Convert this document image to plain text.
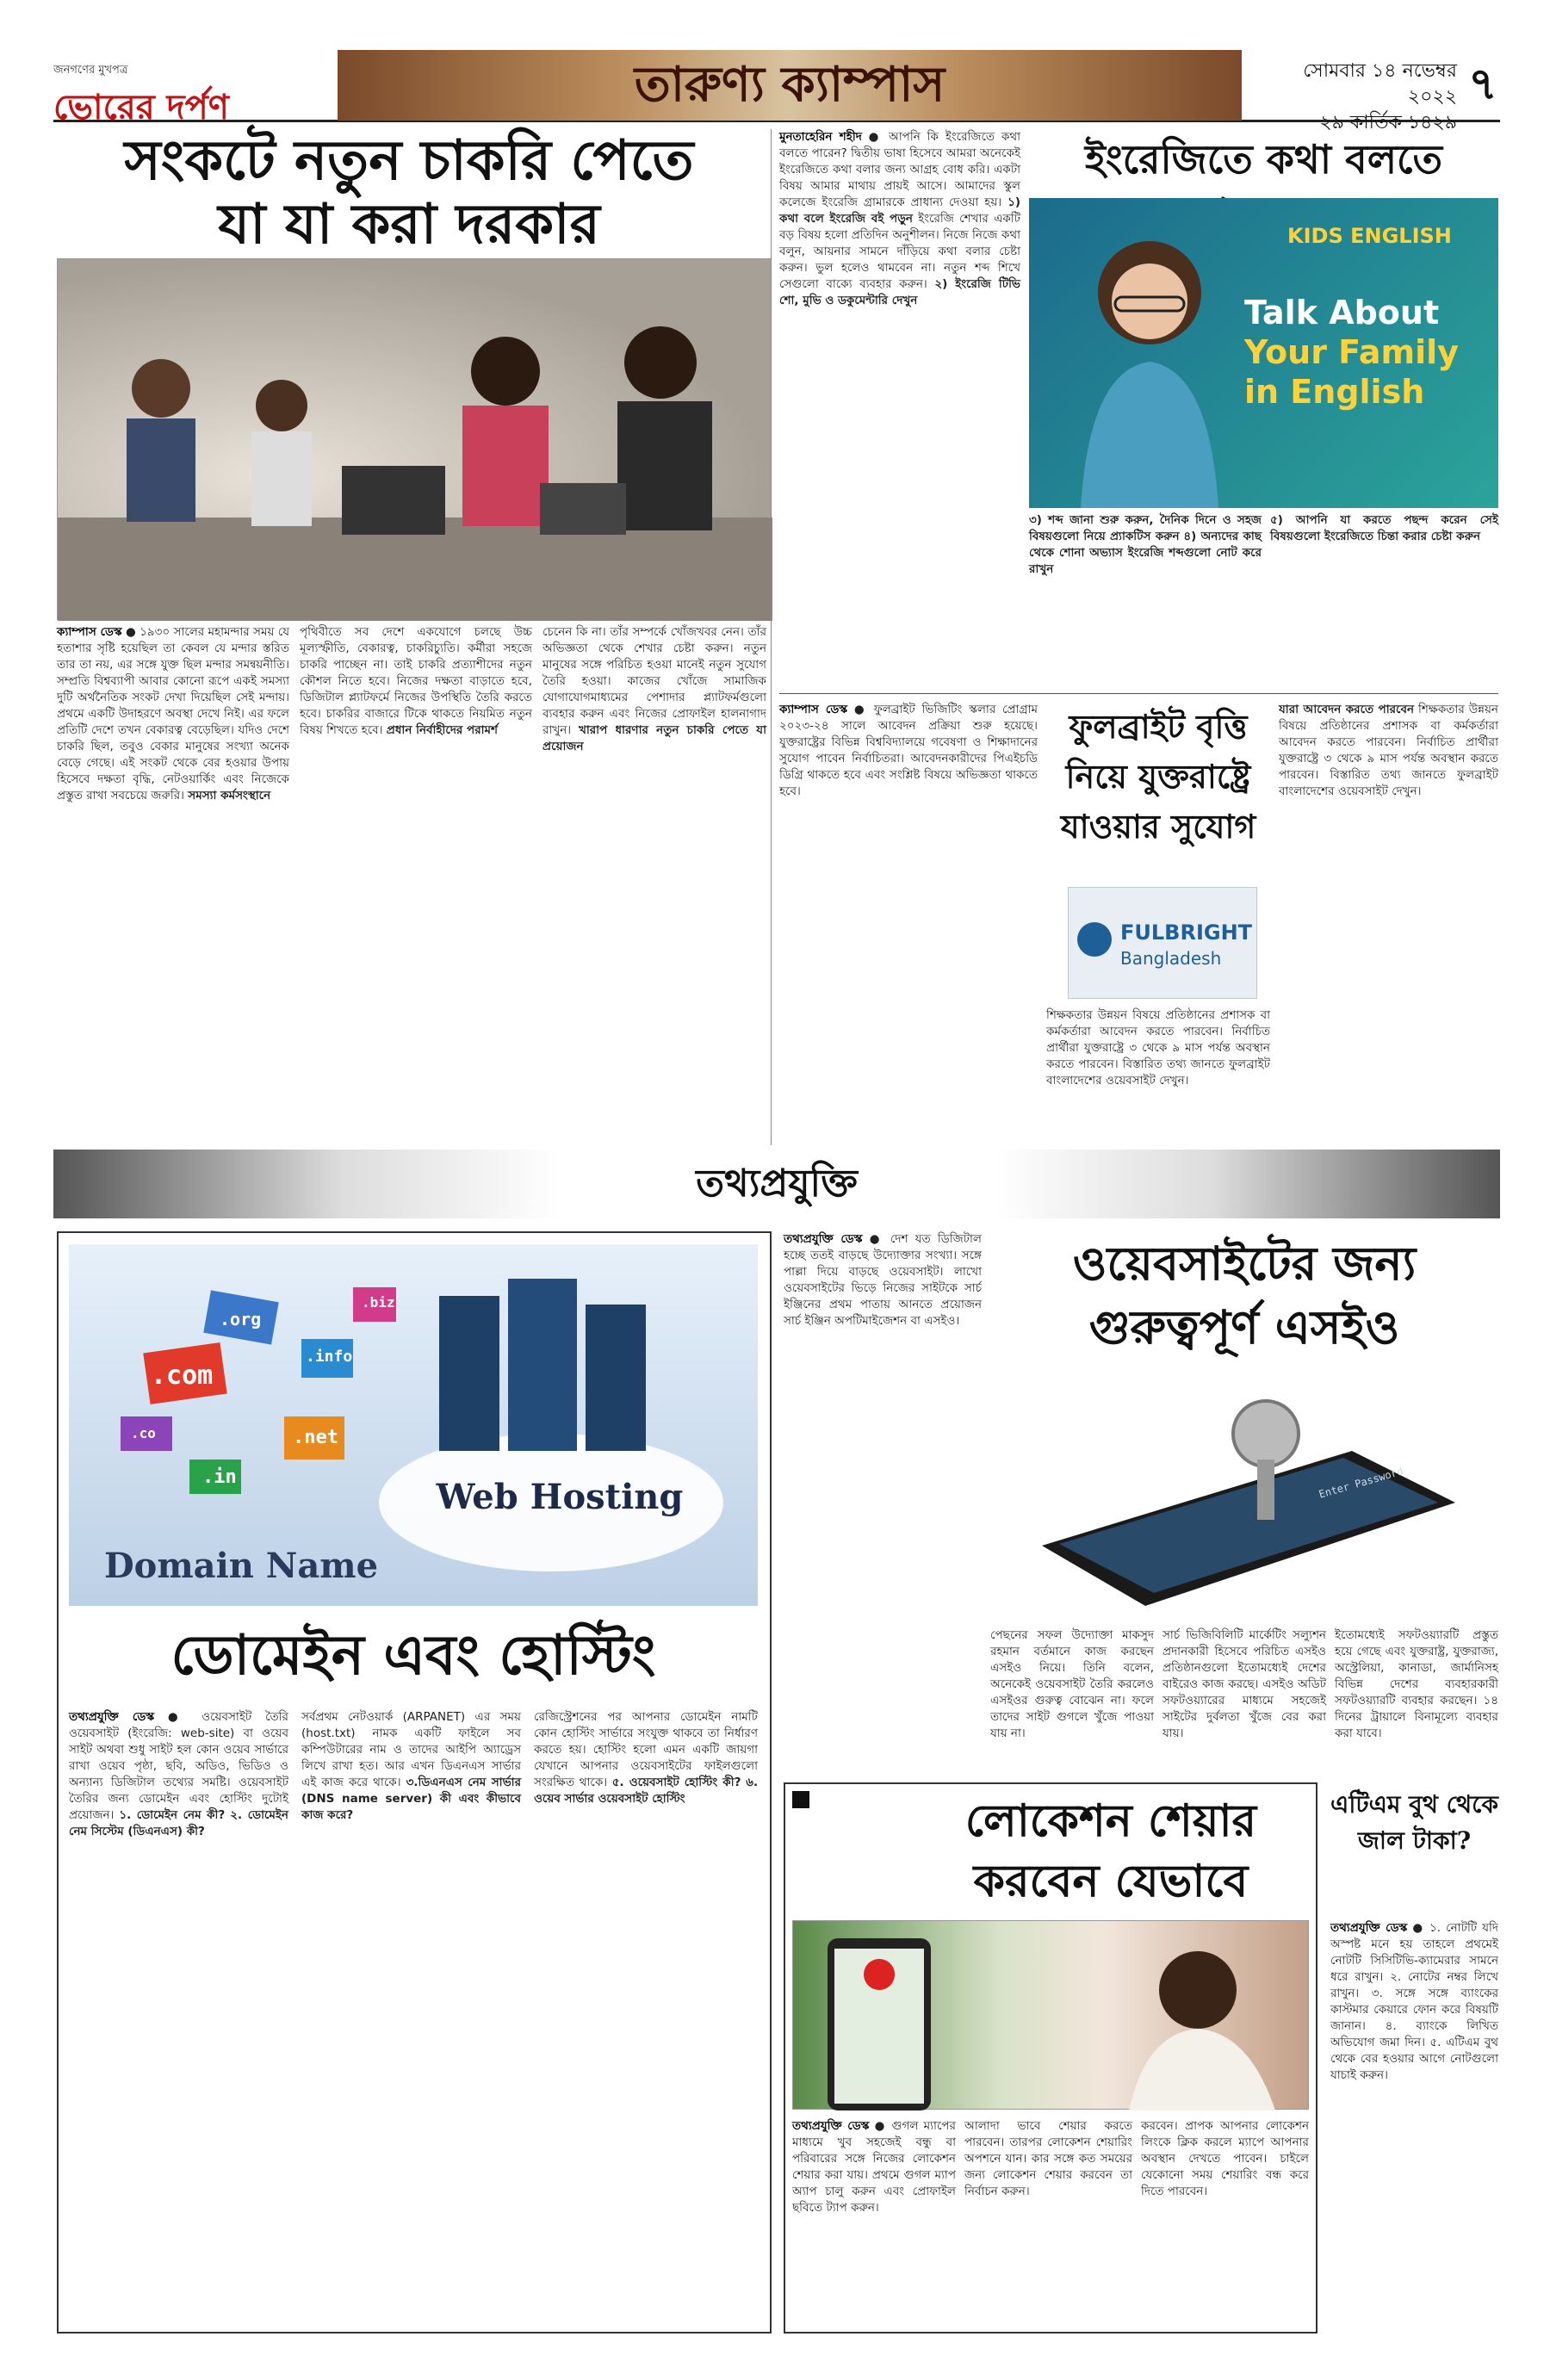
জনগণের মুখপত্র
ভোরের দর্পণ	তারুণ্য ক্যাম্পাস	সোমবার ১৪ নভেম্বর ২০২২
২৯ কার্তিক ১৪২৯
৭
সংকটে নতুন চাকরি পেতে
যা যা করা দরকার
ক্যাম্পাস ডেস্ক ● ১৯৩০ সালের মহামন্দার সময় যে হতাশার সৃষ্টি হয়েছিল তা কেবল যে মন্দার স্তরিত তার তা নয়, এর সঙ্গে যুক্ত ছিল মন্দার সমন্বয়নীতি। সম্প্রতি বিশ্বব্যাপী আবার কোনো রূপে একই সমস্যা দুটি অর্থনৈতিক সংকট দেখা দিয়েছিল সেই মন্দায়। প্রথমে একটি উদাহরণে অবস্থা দেখে নিই। এর ফলে প্রতিটি দেশে তখন বেকারত্ব বেড়েছিল। যদিও দেশে চাকরি ছিল, তবুও বেকার মানুষের সংখ্যা অনেক বেড়ে গেছে। এই সংকট থেকে বের হওয়ার উপায় হিসেবে দক্ষতা বৃদ্ধি, নেটওয়ার্কিং এবং নিজেকে প্রস্তুত রাখা সবচেয়ে জরুরি। সমস্যা কর্মসংস্থানে
পৃথিবীতে সব দেশে একযোগে চলছে উচ্চ মূল্যস্ফীতি, বেকারত্ব, চাকরিচ্যুতি। কর্মীরা সহজে চাকরি পাচ্ছেন না। তাই চাকরি প্রত্যাশীদের নতুন কৌশল নিতে হবে। নিজের দক্ষতা বাড়াতে হবে, ডিজিটাল প্ল্যাটফর্মে নিজের উপস্থিতি তৈরি করতে হবে। চাকরির বাজারে টিকে থাকতে নিয়মিত নতুন বিষয় শিখতে হবে। প্রধান নির্বাহীদের পরামর্শ
চেনেন কি না। তাঁর সম্পর্কে খোঁজখবর নেন। তাঁর অভিজ্ঞতা থেকে শেখার চেষ্টা করুন। নতুন মানুষের সঙ্গে পরিচিত হওয়া মানেই নতুন সুযোগ তৈরি হওয়া। কাজের খোঁজে সামাজিক যোগাযোগমাধ্যমের পেশাদার প্ল্যাটফর্মগুলো ব্যবহার করুন এবং নিজের প্রোফাইল হালনাগাদ রাখুন। খারাপ ধারণার নতুন চাকরি পেতে যা প্রয়োজন
মুনতাহেরিন শহীদ ● আপনি কি ইংরেজিতে কথা বলতে পারেন? দ্বিতীয় ভাষা হিসেবে আমরা অনেকেই ইংরেজিতে কথা বলার জন্য আগ্রহ বোধ করি। একটা বিষয় আমার মাথায় প্রায়ই আসে। আমাদের স্কুল কলেজে ইংরেজি গ্রামারকে প্রাধান্য দেওয়া হয়। ১) কথা বলে ইংরেজি বই পড়ুন ইংরেজি শেখার একটি বড় বিষয় হলো প্রতিদিন অনুশীলন। নিজে নিজে কথা বলুন, আয়নার সামনে দাঁড়িয়ে কথা বলার চেষ্টা করুন। ভুল হলেও থামবেন না। নতুন শব্দ শিখে সেগুলো বাক্যে ব্যবহার করুন। ২) ইংরেজি টিভি শো, মুভি ও ডকুমেন্টারি দেখুন
ইংরেজিতে কথা বলতে
KIDS ENGLISH
Talk About
Your Family
in English
৩) শব্দ জানা শুরু করুন, দৈনিক দিনে ও সহজ বিষয়গুলো নিয়ে প্র্যাকটিস করুন ৪) অন্যদের কাছ থেকে শোনা অভ্যাস ইংরেজি শব্দগুলো নোট করে রাখুন
৫) আপনি যা করতে পছন্দ করেন সেই বিষয়গুলো ইংরেজিতে চিন্তা করার চেষ্টা করুন
ক্যাম্পাস ডেস্ক ● ফুলব্রাইট ভিজিটিং স্কলার প্রোগ্রাম ২০২৩-২৪ সালে আবেদন প্রক্রিয়া শুরু হয়েছে। যুক্তরাষ্ট্রের বিভিন্ন বিশ্ববিদ্যালয়ে গবেষণা ও শিক্ষাদানের সুযোগ পাবেন নির্বাচিতরা। আবেদনকারীদের পিএইচডি ডিগ্রি থাকতে হবে এবং সংশ্লিষ্ট বিষয়ে অভিজ্ঞতা থাকতে হবে।
ফুলব্রাইট বৃত্তি
নিয়ে যুক্তরাষ্ট্রে
যাওয়ার সুযোগ
FULBRIGHT
Bangladesh
শিক্ষকতার উন্নয়ন বিষয়ে প্রতিষ্ঠানের প্রশাসক বা কর্মকর্তারা আবেদন করতে পারবেন। নির্বাচিত প্রার্থীরা যুক্তরাষ্ট্রে ৩ থেকে ৯ মাস পর্যন্ত অবস্থান করতে পারবেন। বিস্তারিত তথ্য জানতে ফুলব্রাইট বাংলাদেশের ওয়েবসাইট দেখুন।
যারা আবেদন করতে পারবেন শিক্ষকতার উন্নয়ন বিষয়ে প্রতিষ্ঠানের প্রশাসক বা কর্মকর্তারা আবেদন করতে পারবেন। নির্বাচিত প্রার্থীরা যুক্তরাষ্ট্রে ৩ থেকে ৯ মাস পর্যন্ত অবস্থান করতে পারবেন। বিস্তারিত তথ্য জানতে ফুলব্রাইট বাংলাদেশের ওয়েবসাইট দেখুন।
তথ্যপ্রযুক্তি
.org
.com
.info
.net
.in
.biz
.co
Web Hosting
Domain Name
ডোমেইন এবং হোস্টিং
তথ্যপ্রযুক্তি ডেস্ক ● ওয়েবসাইট তৈরি ওয়েবসাইট (ইংরেজি: web-site) বা ওয়েব সাইট অথবা শুধু সাইট হল কোন ওয়েব সার্ভারে রাখা ওয়েব পৃষ্ঠা, ছবি, অডিও, ভিডিও ও অন্যান্য ডিজিটাল তথ্যের সমষ্টি। ওয়েবসাইট তৈরির জন্য ডোমেইন এবং হোস্টিং দুটোই প্রয়োজন। ১. ডোমেইন নেম কী? ২. ডোমেইন নেম সিস্টেম (ডিএনএস) কী?
সর্বপ্রথম নেটওয়ার্ক (ARPANET) এর সময় (host.txt) নামক একটি ফাইলে সব কম্পিউটারের নাম ও তাদের আইপি অ্যাড্রেস লিখে রাখা হত। আর এখন ডিএনএস সার্ভার এই কাজ করে থাকে। ৩.ডিএনএস নেম সার্ভার (DNS name server) কী এবং কীভাবে কাজ করে?
রেজিস্ট্রেশনের পর আপনার ডোমেইন নামটি কোন হোস্টিং সার্ভারে সংযুক্ত থাকবে তা নির্ধারণ করতে হয়। হোস্টিং হলো এমন একটি জায়গা যেখানে আপনার ওয়েবসাইটের ফাইলগুলো সংরক্ষিত থাকে। ৫. ওয়েবসাইট হোস্টিং কী? ৬. ওয়েব সার্ভার ওয়েবসাইট হোস্টিং
তথ্যপ্রযুক্তি ডেস্ক ● দেশ যত ডিজিটাল হচ্ছে ততই বাড়ছে উদ্যোক্তার সংখ্যা। সঙ্গে পাল্লা দিয়ে বাড়ছে ওয়েবসাইট। লাখো ওয়েবসাইটের ভিড়ে নিজের সাইটকে সার্চ ইঞ্জিনের প্রথম পাতায় আনতে প্রয়োজন সার্চ ইঞ্জিন অপটিমাইজেশন বা এসইও।
ওয়েবসাইটের জন্য
গুরুত্বপূর্ণ এসইও
Enter Password
পেছনের সফল উদ্যোক্তা মাকসুদ রহমান বর্তমানে কাজ করছেন এসইও নিয়ে। তিনি বলেন, অনেকেই ওয়েবসাইট তৈরি করলেও এসইওর গুরুত্ব বোঝেন না। ফলে তাদের সাইট গুগলে খুঁজে পাওয়া যায় না।
সার্চ ভিজিবিলিটি মার্কেটিং সল্যুশন প্রদানকারী হিসেবে পরিচিত এসইও প্রতিষ্ঠানগুলো ইতোমধ্যেই দেশের বাইরেও কাজ করছে। এসইও অডিট সফটওয়্যারের মাধ্যমে সহজেই সাইটের দুর্বলতা খুঁজে বের করা যায়।
ইতোমধ্যেই সফটওয়্যারটি প্রস্তুত হয়ে গেছে এবং যুক্তরাষ্ট্র, যুক্তরাজ্য, অস্ট্রেলিয়া, কানাডা, জার্মানিসহ বিভিন্ন দেশের ব্যবহারকারী সফটওয়্যারটি ব্যবহার করছেন। ১৪ দিনের ট্রায়ালে বিনামূল্যে ব্যবহার করা যাবে।
লোকেশন শেয়ার
করবেন যেভাবে
তথ্যপ্রযুক্তি ডেস্ক ● গুগল ম্যাপের মাধ্যমে খুব সহজেই বন্ধু বা পরিবারের সঙ্গে নিজের লোকেশন শেয়ার করা যায়। প্রথমে গুগল ম্যাপ অ্যাপ চালু করুন এবং প্রোফাইল ছবিতে ট্যাপ করুন।
আলাদা ভাবে শেয়ার করতে পারবেন। তারপর লোকেশন শেয়ারিং অপশনে যান। কার সঙ্গে কত সময়ের জন্য লোকেশন শেয়ার করবেন তা নির্বাচন করুন।
করবেন। প্রাপক আপনার লোকেশন লিংকে ক্লিক করলে ম্যাপে আপনার অবস্থান দেখতে পাবেন। চাইলে যেকোনো সময় শেয়ারিং বন্ধ করে দিতে পারবেন।
এটিএম বুথ থেকে জাল টাকা?
তথ্যপ্রযুক্তি ডেস্ক ● ১. নোটটি যদি অস্পষ্ট মনে হয় তাহলে প্রথমেই নোটটি সিসিটিভি-ক্যামেরার সামনে ধরে রাখুন। ২. নোটের নম্বর লিখে রাখুন। ৩. সঙ্গে সঙ্গে ব্যাংকের কাস্টমার কেয়ারে ফোন করে বিষয়টি জানান। ৪. ব্যাংকে লিখিত অভিযোগ জমা দিন। ৫. এটিএম বুথ থেকে বের হওয়ার আগে নোটগুলো যাচাই করুন।
